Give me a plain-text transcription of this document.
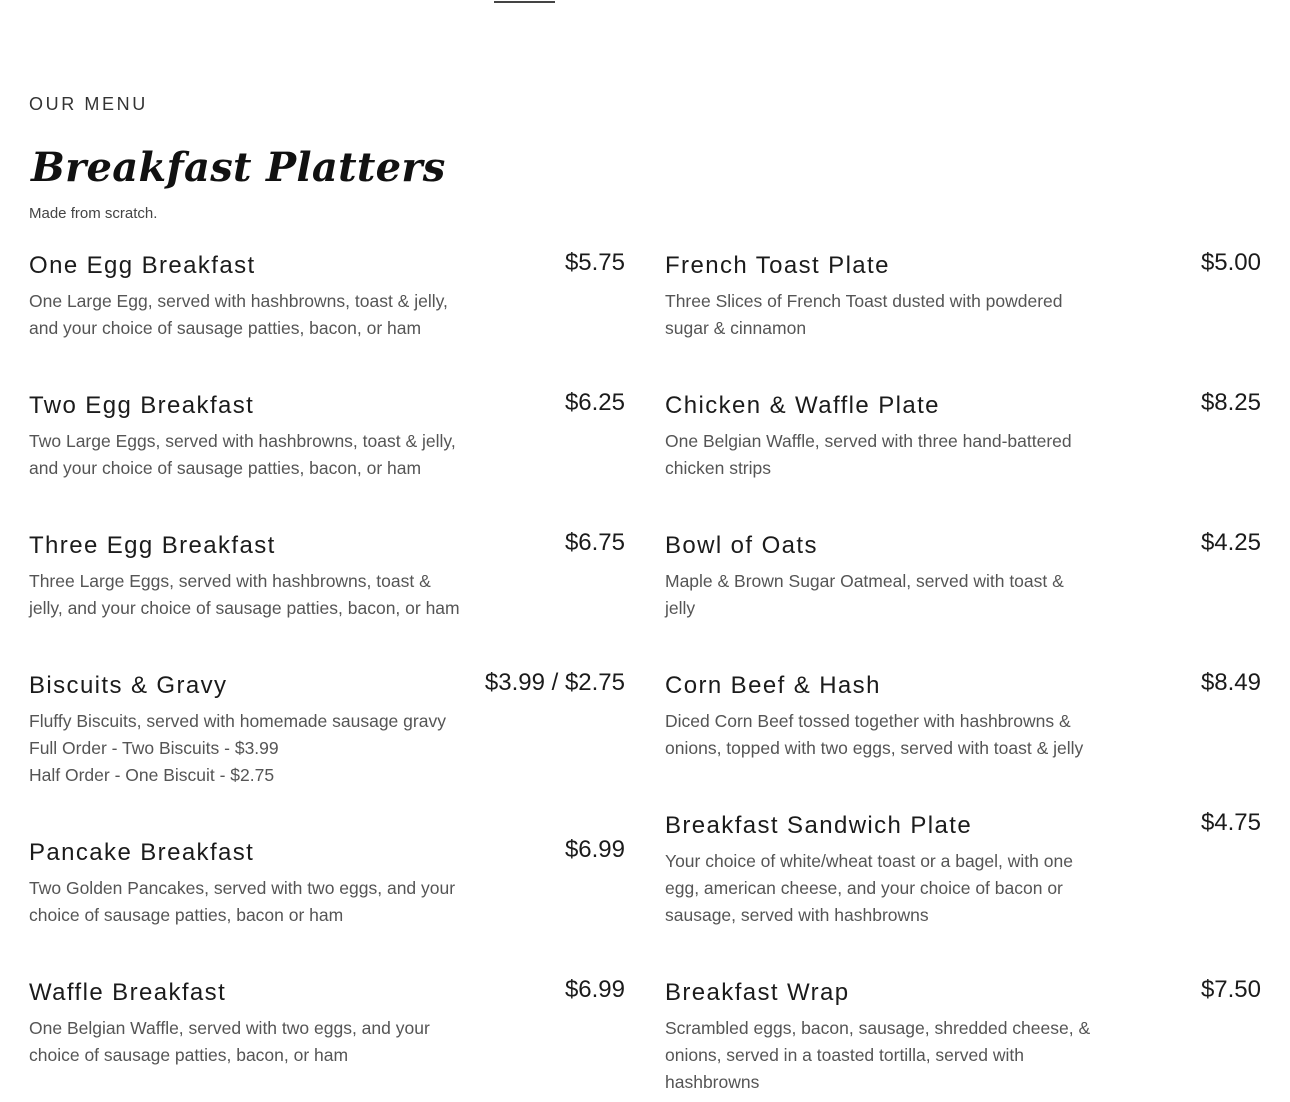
OUR MENU
Breakfast Platters
Made from scratch.
One Egg Breakfast	$5.75
One Large Egg, served with hashbrowns, toast & jelly,
and your choice of sausage patties, bacon, or ham
Two Egg Breakfast	$6.25
Two Large Eggs, served with hashbrowns, toast & jelly,
and your choice of sausage patties, bacon, or ham
Three Egg Breakfast	$6.75
Three Large Eggs, served with hashbrowns, toast &
jelly, and your choice of sausage patties, bacon, or ham
Biscuits & Gravy	$3.99 / $2.75
Fluffy Biscuits, served with homemade sausage gravy
Full Order - Two Biscuits - $3.99
Half Order - One Biscuit - $2.75
Pancake Breakfast	$6.99
Two Golden Pancakes, served with two eggs, and your
choice of sausage patties, bacon or ham
Waffle Breakfast	$6.99
One Belgian Waffle, served with two eggs, and your
choice of sausage patties, bacon, or ham
French Toast Plate	$5.00
Three Slices of French Toast dusted with powdered
sugar & cinnamon
Chicken & Waffle Plate	$8.25
One Belgian Waffle, served with three hand-battered
chicken strips
Bowl of Oats	$4.25
Maple & Brown Sugar Oatmeal, served with toast &
jelly
Corn Beef & Hash	$8.49
Diced Corn Beef tossed together with hashbrowns &
onions, topped with two eggs, served with toast & jelly
Breakfast Sandwich Plate	$4.75
Your choice of white/wheat toast or a bagel, with one
egg, american cheese, and your choice of bacon or
sausage, served with hashbrowns
Breakfast Wrap	$7.50
Scrambled eggs, bacon, sausage, shredded cheese, &
onions, served in a toasted tortilla, served with
hashbrowns
